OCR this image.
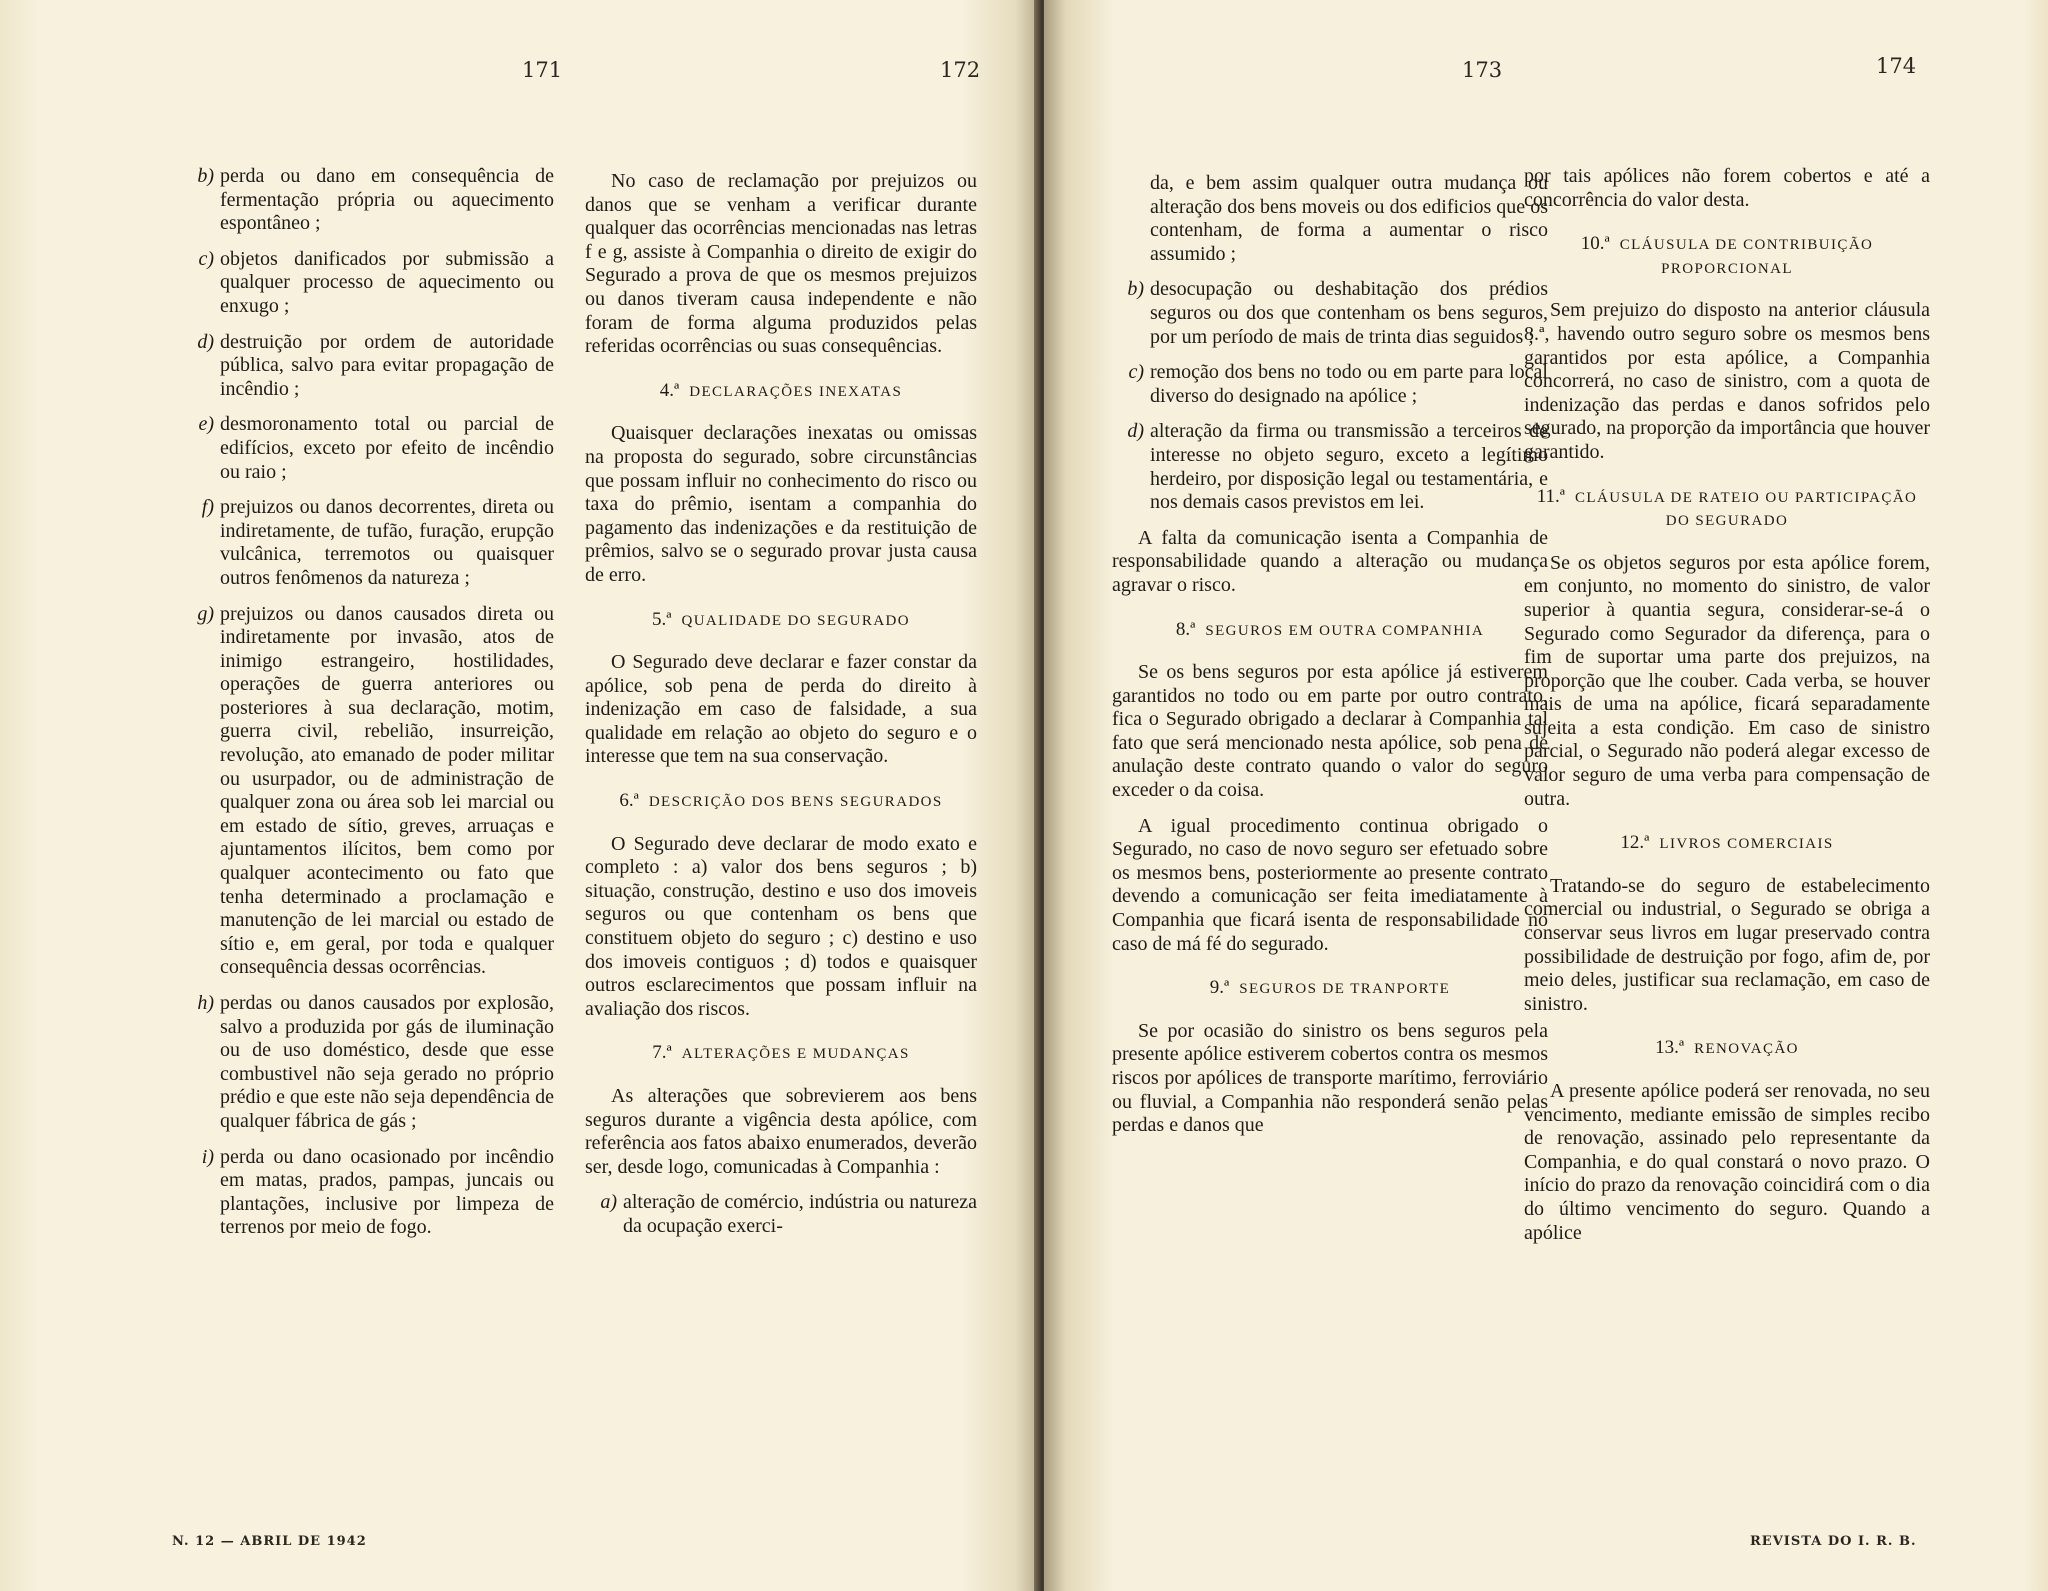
171	172
b) perda ou dano em consequência de fermentação própria ou aquecimento espontâneo ;
c) objetos danificados por submissão a qualquer processo de aquecimento ou enxugo ;
d) destruição por ordem de autoridade pública, salvo para evitar propagação de incêndio ;
e) desmoronamento total ou parcial de edifícios, exceto por efeito de incêndio ou raio ;
f) prejuizos ou danos decorrentes, direta ou indiretamente, de tufão, furação, erupção vulcânica, terremotos ou quaisquer outros fenômenos da natureza ;
g) prejuizos ou danos causados direta ou indiretamente por invasão, atos de inimigo estrangeiro, hostilidades, operações de guerra anteriores ou posteriores à sua declaração, motim, guerra civil, rebelião, insurreição, revolução, ato emanado de poder militar ou usurpador, ou de administração de qualquer zona ou área sob lei marcial ou em estado de sítio, greves, arruaças e ajuntamentos ilícitos, bem como por qualquer acontecimento ou fato que tenha determinado a proclamação e manutenção de lei marcial ou estado de sítio e, em geral, por toda e qualquer consequência dessas ocorrências.
h) perdas ou danos causados por explosão, salvo a produzida por gás de iluminação ou de uso doméstico, desde que esse combustivel não seja gerado no próprio prédio e que este não seja dependência de qualquer fábrica de gás ;
i) perda ou dano ocasionado por incêndio em matas, prados, pampas, juncais ou plantações, inclusive por limpeza de terrenos por meio de fogo.

No caso de reclamação por prejuizos ou danos que se venham a verificar durante qualquer das ocorrências mencionadas nas letras f e g, assiste à Companhia o direito de exigir do Segurado a prova de que os mesmos prejuizos ou danos tiveram causa independente e não foram de forma alguma produzidos pelas referidas ocorrências ou suas consequências.

4.ª DECLARAÇÕES INEXATAS

Quaisquer declarações inexatas ou omissas na proposta do segurado, sobre circunstâncias que possam influir no conhecimento do risco ou taxa do prêmio, isentam a companhia do pagamento das indenizações e da restituição de prêmios, salvo se o segurado provar justa causa de erro.

5.ª QUALIDADE DO SEGURADO

O Segurado deve declarar e fazer constar da apólice, sob pena de perda do direito à indenização em caso de falsidade, a sua qualidade em relação ao objeto do seguro e o interesse que tem na sua conservação.

6.ª DESCRIÇÃO DOS BENS SEGURADOS

O Segurado deve declarar de modo exato e completo : a) valor dos bens seguros ; b) situação, construção, destino e uso dos imoveis seguros ou que contenham os bens que constituem objeto do seguro ; c) destino e uso dos imoveis contiguos ; d) todos e quaisquer outros esclarecimentos que possam influir na avaliação dos riscos.

7.ª ALTERAÇÕES E MUDANÇAS

As alterações que sobrevierem aos bens seguros durante a vigência desta apólice, com referência aos fatos abaixo enumerados, deverão ser, desde logo, comunicadas à Companhia :

a) alteração de comércio, indústria ou natureza da ocupação exerci-
N. 12 — ABRIL DE 1942
173	174
da, e bem assim qualquer outra mudança ou alteração dos bens moveis ou dos edificios que os contenham, de forma a aumentar o risco assumido ;
b) desocupação ou deshabitação dos prédios seguros ou dos que contenham os bens seguros, por um período de mais de trinta dias seguidos ;
c) remoção dos bens no todo ou em parte para local diverso do designado na apólice ;
d) alteração da firma ou transmissão a terceiros de interesse no objeto seguro, exceto a legítimo herdeiro, por disposição legal ou testamentária, e nos demais casos previstos em lei.

A falta da comunicação isenta a Companhia de responsabilidade quando a alteração ou mudança agravar o risco.

8.ª SEGUROS EM OUTRA COMPANHIA

Se os bens seguros por esta apólice já estiverem garantidos no todo ou em parte por outro contrato, fica o Segurado obrigado a declarar à Companhia tal fato que será mencionado nesta apólice, sob pena de anulação deste contrato quando o valor do seguro exceder o da coisa.

A igual procedimento continua obrigado o Segurado, no caso de novo seguro ser efetuado sobre os mesmos bens, posteriormente ao presente contrato devendo a comunicação ser feita imediatamente à Companhia que ficará isenta de responsabilidade no caso de má fé do segurado.

9.ª SEGUROS DE TRANPORTE

Se por ocasião do sinistro os bens seguros pela presente apólice estiverem cobertos contra os mesmos riscos por apólices de transporte marítimo, ferroviário ou fluvial, a Companhia não responderá senão pelas perdas e danos que

por tais apólices não forem cobertos e até a concorrência do valor desta.

10.ª CLÁUSULA DE CONTRIBUIÇÃO PROPORCIONAL

Sem prejuizo do disposto na anterior cláusula 8.ª, havendo outro seguro sobre os mesmos bens garantidos por esta apólice, a Companhia concorrerá, no caso de sinistro, com a quota de indenização das perdas e danos sofridos pelo segurado, na proporção da importância que houver garantido.

11.ª CLÁUSULA DE RATEIO OU PARTICIPAÇÃO DO SEGURADO

Se os objetos seguros por esta apólice forem, em conjunto, no momento do sinistro, de valor superior à quantia segura, considerar-se-á o Segurado como Segurador da diferença, para o fim de suportar uma parte dos prejuizos, na proporção que lhe couber. Cada verba, se houver mais de uma na apólice, ficará separadamente sujeita a esta condição. Em caso de sinistro parcial, o Segurado não poderá alegar excesso de valor seguro de uma verba para compensação de outra.

12.ª LIVROS COMERCIAIS

Tratando-se do seguro de estabelecimento comercial ou industrial, o Segurado se obriga a conservar seus livros em lugar preservado contra possibilidade de destruição por fogo, afim de, por meio deles, justificar sua reclamação, em caso de sinistro.

13.ª RENOVAÇÃO

A presente apólice poderá ser renovada, no seu vencimento, mediante emissão de simples recibo de renovação, assinado pelo representante da Companhia, e do qual constará o novo prazo. O início do prazo da renovação coincidirá com o dia do último vencimento do seguro. Quando a apólice

REVISTA DO I. R. B.
